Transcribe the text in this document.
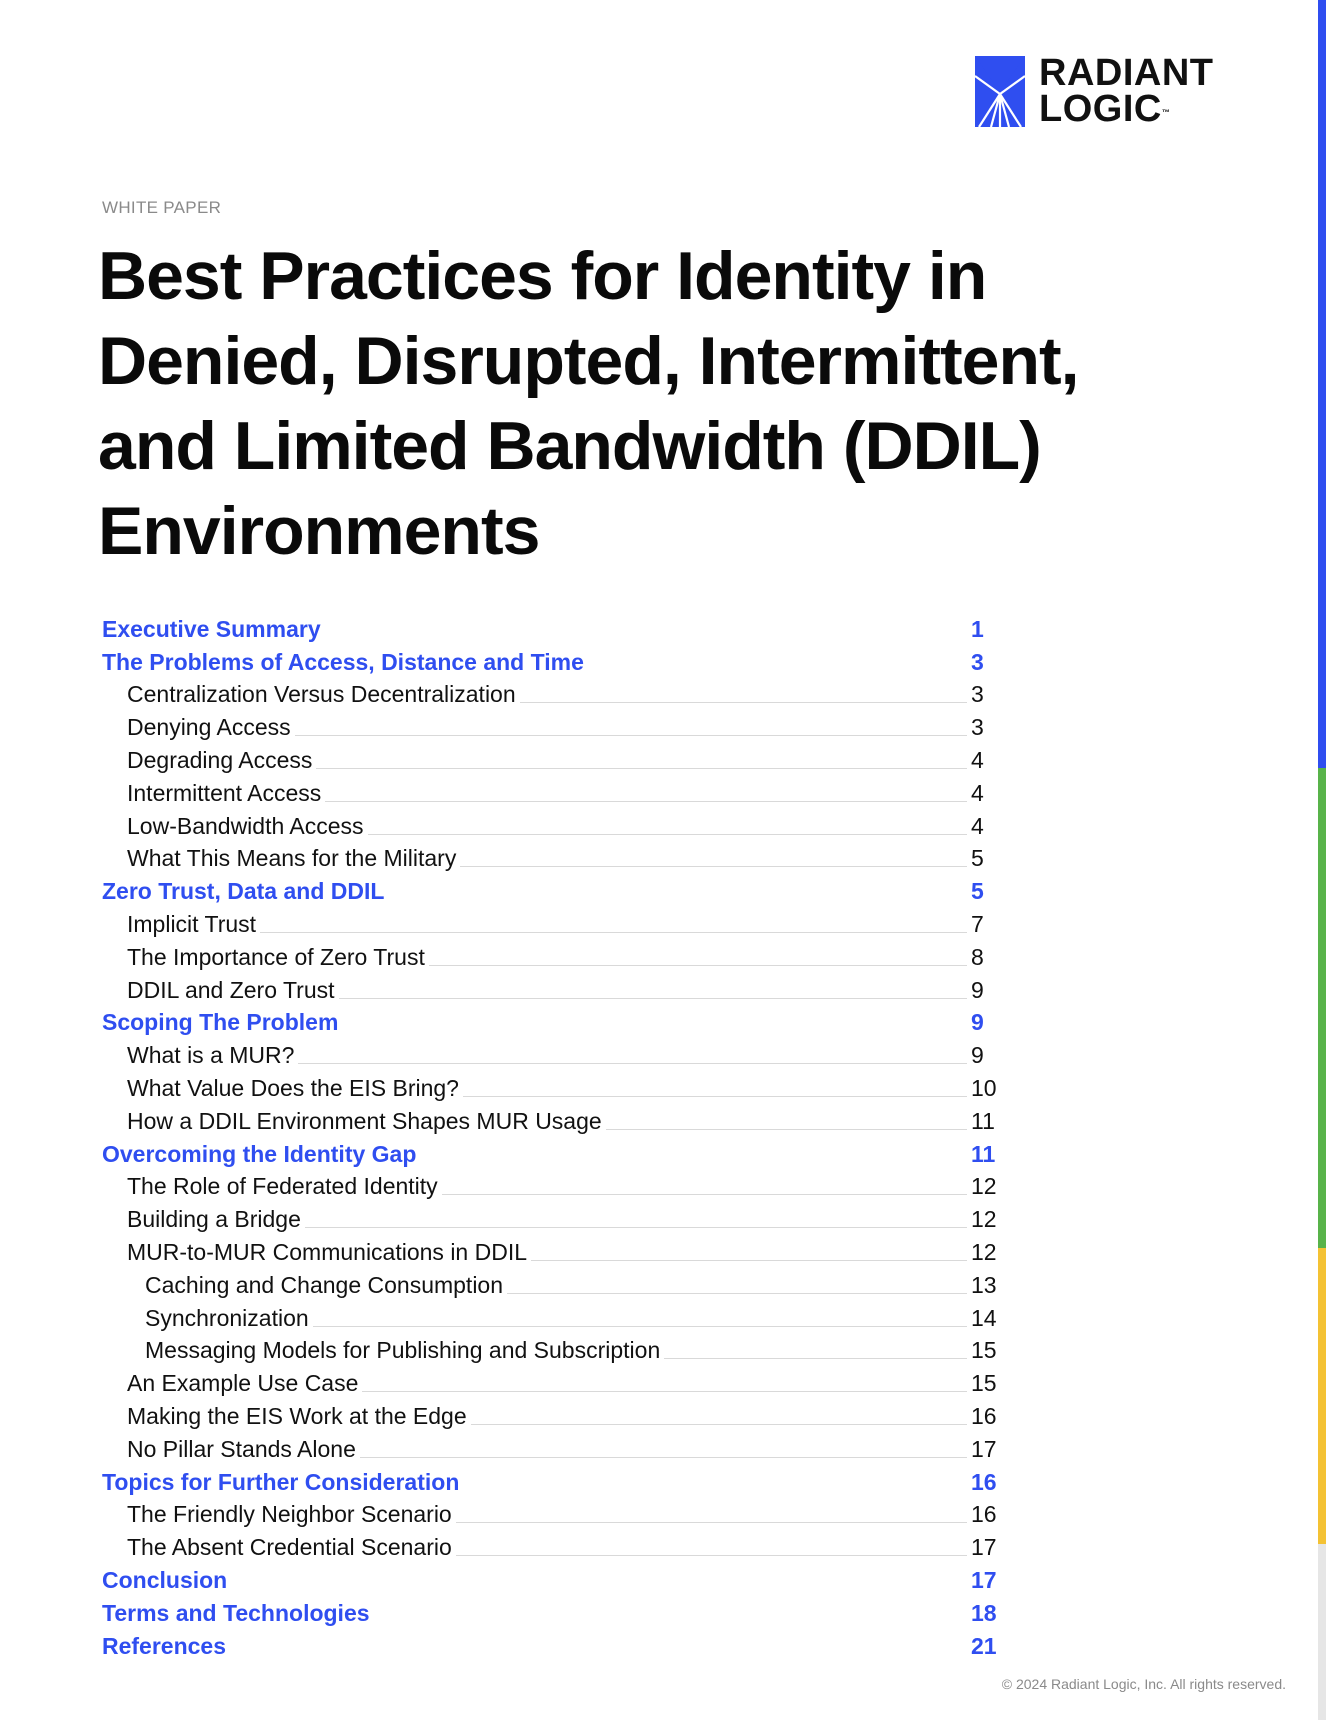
RADIANT
LOGIC™
WHITE PAPER
Best Practices for Identity in Denied, Disrupted, Intermittent, and Limited Bandwidth (DDIL) Environments
Executive Summary	1
The Problems of Access, Distance and Time	3
Centralization Versus Decentralization	3
Denying Access	3
Degrading Access	4
Intermittent Access	4
Low-Bandwidth Access	4
What This Means for the Military	5
Zero Trust, Data and DDIL	5
Implicit Trust	7
The Importance of Zero Trust	8
DDIL and Zero Trust	9
Scoping The Problem	9
What is a MUR?	9
What Value Does the EIS Bring?	10
How a DDIL Environment Shapes MUR Usage	11
Overcoming the Identity Gap	11
The Role of Federated Identity	12
Building a Bridge	12
MUR-to-MUR Communications in DDIL	12
Caching and Change Consumption	13
Synchronization	14
Messaging Models for Publishing and Subscription	15
An Example Use Case	15
Making the EIS Work at the Edge	16
No Pillar Stands Alone	17
Topics for Further Consideration	16
The Friendly Neighbor Scenario	16
The Absent Credential Scenario	17
Conclusion	17
Terms and Technologies	18
References	21
© 2024 Radiant Logic, Inc. All rights reserved.
